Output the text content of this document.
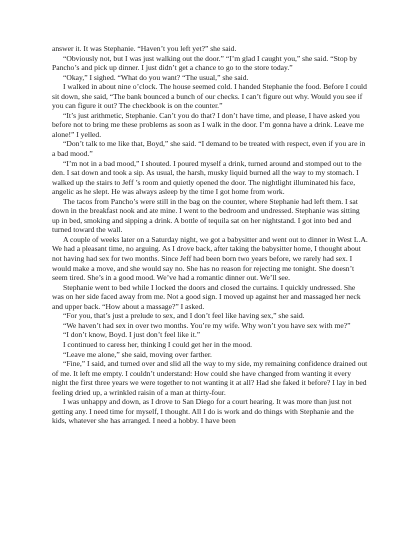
answer it. It was Stephanie. “Haven’t you left yet?” she said.

“Obviously not, but I was just walking out the door.” “I’m glad I caught you,” she said. “Stop by Pancho’s and pick up dinner. I just didn’t get a chance to go to the store today.”

“Okay,” I sighed. “What do you want? “The usual,” she said.

I walked in about nine o’clock. The house seemed cold. I handed Stephanie the food. Before I could sit down, she said, “The bank bounced a bunch of our checks. I can’t figure out why. Would you see if you can figure it out? The checkbook is on the counter.”

“It’s just arithmetic, Stephanie. Can’t you do that? I don’t have time, and please, I have asked you before not to bring me these problems as soon as I walk in the door. I’m gonna have a drink. Leave me alone!” I yelled.

“Don’t talk to me like that, Boyd,” she said. “I demand to be treated with respect, even if you are in a bad mood.”

“I’m not in a bad mood,” I shouted. I poured myself a drink, turned around and stomped out to the den. I sat down and took a sip. As usual, the harsh, musky liquid burned all the way to my stomach. I walked up the stairs to Jeff ’s room and quietly opened the door. The nightlight illuminated his face, angelic as he slept. He was always asleep by the time I got home from work.

The tacos from Pancho’s were still in the bag on the counter, where Stephanie had left them. I sat down in the breakfast nook and ate mine. I went to the bedroom and undressed. Stephanie was sitting up in bed, smoking and sipping a drink. A bottle of tequila sat on her nightstand. I got into bed and turned toward the wall.

A couple of weeks later on a Saturday night, we got a babysitter and went out to dinner in West L.A. We had a pleasant time, no arguing. As I drove back, after taking the babysitter home, I thought about not having had sex for two months. Since Jeff had been born two years before, we rarely had sex. I would make a move, and she would say no. She has no reason for rejecting me tonight. She doesn’t seem tired. She’s in a good mood. We’ve had a romantic dinner out. We’ll see.

Stephanie went to bed while I locked the doors and closed the curtains. I quickly undressed. She was on her side faced away from me. Not a good sign. I moved up against her and massaged her neck and upper back. “How about a massage?” I asked.

“For you, that’s just a prelude to sex, and I don’t feel like having sex,” she said.

“We haven’t had sex in over two months. You’re my wife. Why won’t you have sex with me?”

“I don’t know, Boyd. I just don’t feel like it.”

I continued to caress her, thinking I could get her in the mood.

“Leave me alone,” she said, moving over farther.

“Fine,” I said, and turned over and slid all the way to my side, my remaining confidence drained out of me. It left me empty. I couldn’t understand: How could she have changed from wanting it every night the first three years we were together to not wanting it at all? Had she faked it before? I lay in bed feeling dried up, a wrinkled raisin of a man at thirty-four.

I was unhappy and down, as I drove to San Diego for a court hearing. It was more than just not getting any. I need time for myself, I thought. All I do is work and do things with Stephanie and the kids, whatever she has arranged. I need a hobby. I have been
